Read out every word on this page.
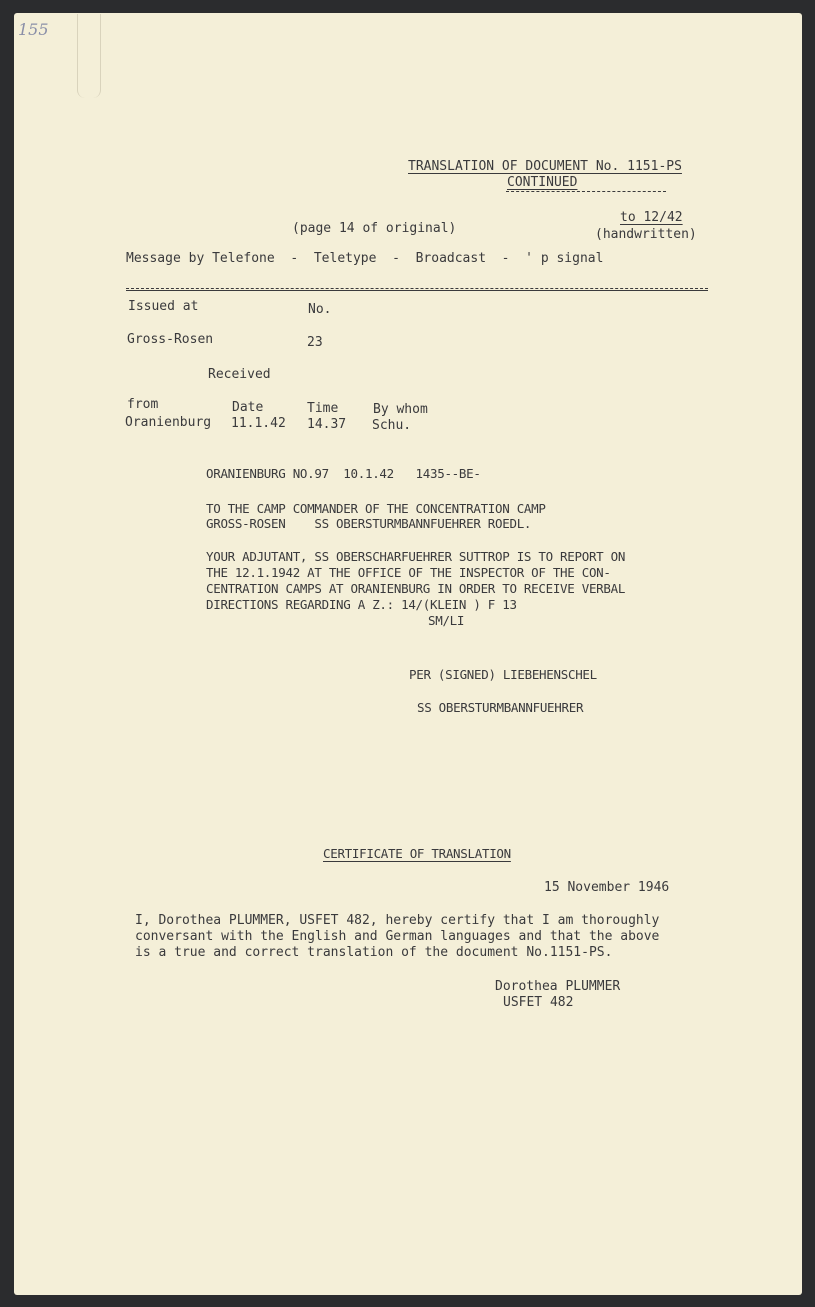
155
TRANSLATION OF DOCUMENT No. 1151-PS
CONTINUED
(page 14 of original)
to 12/42
(handwritten)
Message by Telefone  -  Teletype  -  Broadcast  -  ' p signal
Issued at	No.
Gross-Rosen	23
Received
from
Oranienburg
Date
11.1.42
Time
14.37
By whom
Schu.
ORANIENBURG NO.97  10.1.42   1435--BE-
TO THE CAMP COMMANDER OF THE CONCENTRATION CAMP
GROSS-ROSEN    SS OBERSTURMBANNFUEHRER ROEDL.
YOUR ADJUTANT, SS OBERSCHARFUEHRER SUTTROP IS TO REPORT ON
THE 12.1.1942 AT THE OFFICE OF THE INSPECTOR OF THE CON-
CENTRATION CAMPS AT ORANIENBURG IN ORDER TO RECEIVE VERBAL
DIRECTIONS REGARDING A Z.: 14/(KLEIN ) F 13
SM/LI
PER (SIGNED) LIEBEHENSCHEL
SS OBERSTURMBANNFUEHRER
CERTIFICATE OF TRANSLATION
15 November 1946
I, Dorothea PLUMMER, USFET 482, hereby certify that I am thoroughly
conversant with the English and German languages and that the above
is a true and correct translation of the document No.1151-PS.
Dorothea PLUMMER
USFET 482
